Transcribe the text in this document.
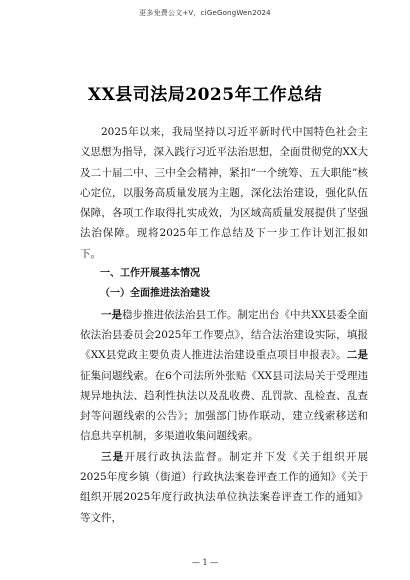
更多免费公文+V，ciGeGongWen2024
XX县司法局2025年工作总结

2025年以来，我局坚持以习近平新时代中国特色社会主义思想为指导，深入践行习近平法治思想，全面贯彻党的XX大及二十届二中、三中全会精神，紧扣“一个统筹、五大职能”核心定位，以服务高质量发展为主题，深化法治建设，强化队伍保障，各项工作取得扎实成效，为区域高质量发展提供了坚强法治保障。现将2025年工作总结及下一步工作计划汇报如下。

一、工作开展基本情况

（一）全面推进法治建设

一是稳步推进依法治县工作。制定出台《中共XX县委全面依法治县委员会2025年工作要点》，结合法治建设实际，填报《XX县党政主要负责人推进法治建设重点项目申报表》。二是征集问题线索。在6个司法所外张贴《XX县司法局关于受理违规异地执法、趋利性执法以及乱收费、乱罚款、乱检查、乱查封等问题线索的公告》；加强部门协作联动，建立线索移送和信息共享机制，多渠道收集问题线索。

三是开展行政执法监督。制定并下发《关于组织开展2025年度乡镇（街道）行政执法案卷评查工作的通知》《关于组织开展2025年度行政执法单位执法案卷评查工作的通知》等文件，

— 1 —
